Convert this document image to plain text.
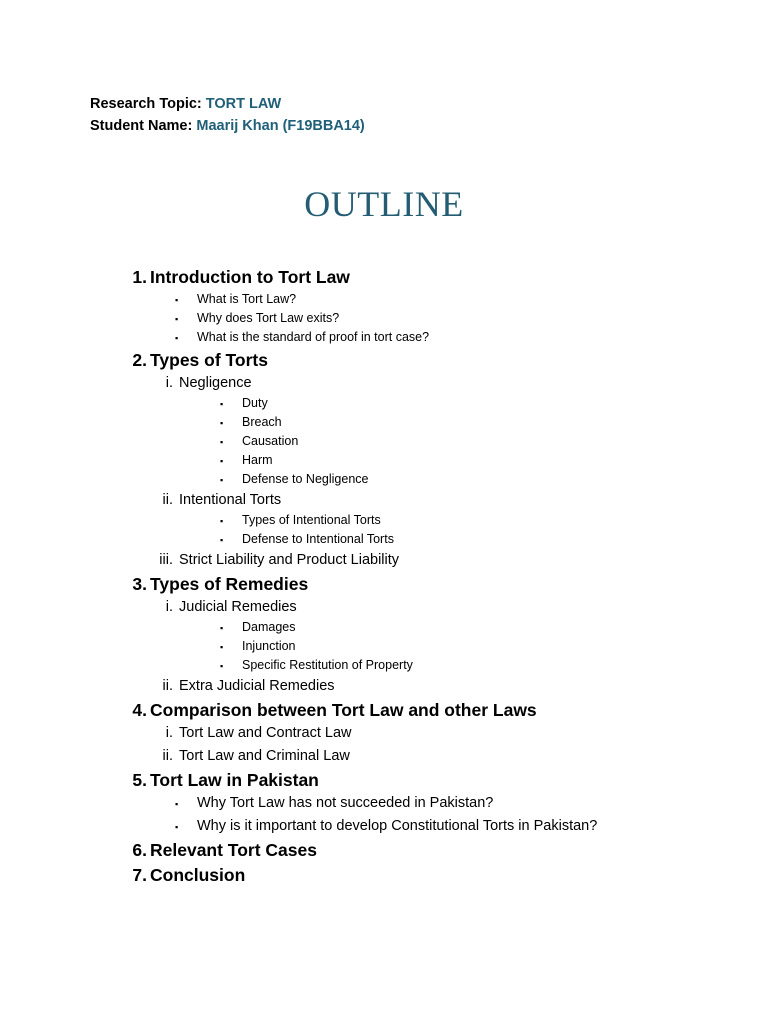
Research Topic: TORT LAW
Student Name: Maarij Khan (F19BBA14)
OUTLINE
1. Introduction to Tort Law
▪ What is Tort Law?
▪ Why does Tort Law exits?
▪ What is the standard of proof in tort case?
2. Types of Torts
i. Negligence
▪ Duty
▪ Breach
▪ Causation
▪ Harm
▪ Defense to Negligence
ii. Intentional Torts
▪ Types of Intentional Torts
▪ Defense to Intentional Torts
iii. Strict Liability and Product Liability
3. Types of Remedies
i. Judicial Remedies
▪ Damages
▪ Injunction
▪ Specific Restitution of Property
ii. Extra Judicial Remedies
4. Comparison between Tort Law and other Laws
i. Tort Law and Contract Law
ii. Tort Law and Criminal Law
5. Tort Law in Pakistan
▪ Why Tort Law has not succeeded in Pakistan?
▪ Why is it important to develop Constitutional Torts in Pakistan?
6. Relevant Tort Cases
7. Conclusion
